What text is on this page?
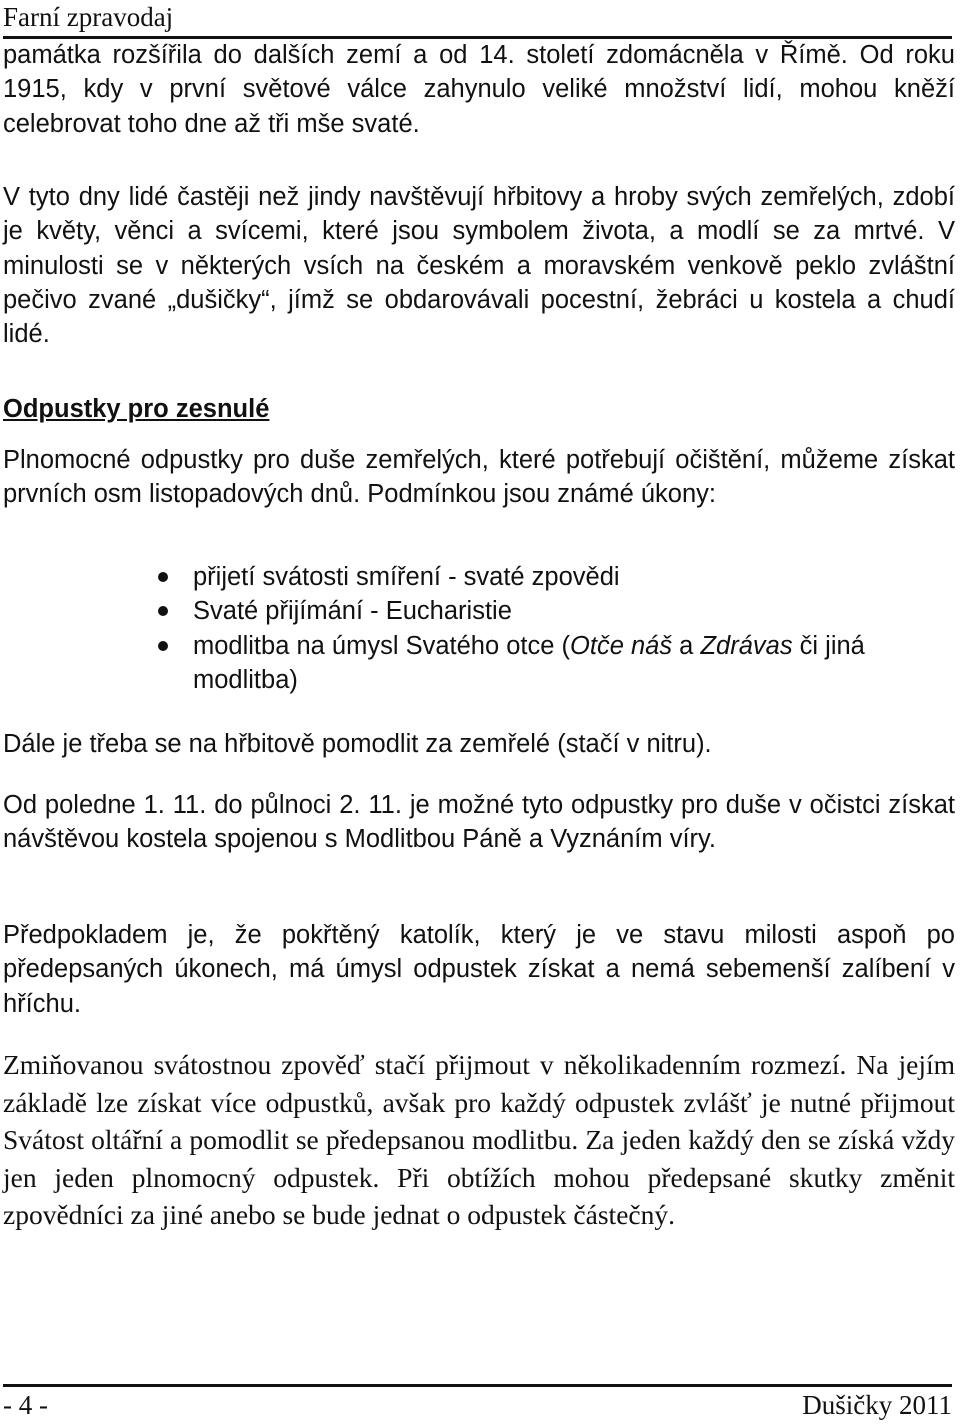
Farní zpravodaj

památka rozšířila do dalších zemí a od 14. století zdomácněla v Římě. Od roku 1915, kdy v první světové válce zahynulo veliké množství lidí, mohou kněží celebrovat toho dne až tři mše svaté.

V tyto dny lidé častěji než jindy navštěvují hřbitovy a hroby svých zemřelých, zdobí je květy, věnci a svícemi, které jsou symbolem života, a modlí se za mrtvé. V minulosti se v některých vsích na českém a moravském venkově peklo zvláštní pečivo zvané „dušičky“, jímž se obdarovávali pocestní, žebráci u kostela a chudí lidé.

Odpustky pro zesnulé

Plnomocné odpustky pro duše zemřelých, které potřebují očištění, můžeme získat prvních osm listopadových dnů. Podmínkou jsou známé úkony:

přijetí svátosti smíření - svaté zpovědi
Svaté přijímání - Eucharistie
modlitba na úmysl Svatého otce (Otče náš a Zdrávas či jiná modlitba)

Dále je třeba se na hřbitově pomodlit za zemřelé (stačí v nitru).

Od poledne 1. 11. do půlnoci 2. 11. je možné tyto odpustky pro duše v očistci získat návštěvou kostela spojenou s Modlitbou Páně a Vyznáním víry.

Předpokladem je, že pokřtěný katolík, který je ve stavu milosti aspoň po předepsaných úkonech, má úmysl odpustek získat a nemá sebemenší zalíbení v hříchu.

Zmiňovanou svátostnou zpověď stačí přijmout v několikadenním rozmezí. Na jejím základě lze získat více odpustků, avšak pro každý odpustek zvlášť je nutné přijmout Svátost oltářní a pomodlit se předepsanou modlitbu. Za jeden každý den se získá vždy jen jeden plnomocný odpustek. Při obtížích mohou předepsané skutky změnit zpovědníci za jiné anebo se bude jednat o odpustek částečný.

- 4 -	Dušičky 2011
